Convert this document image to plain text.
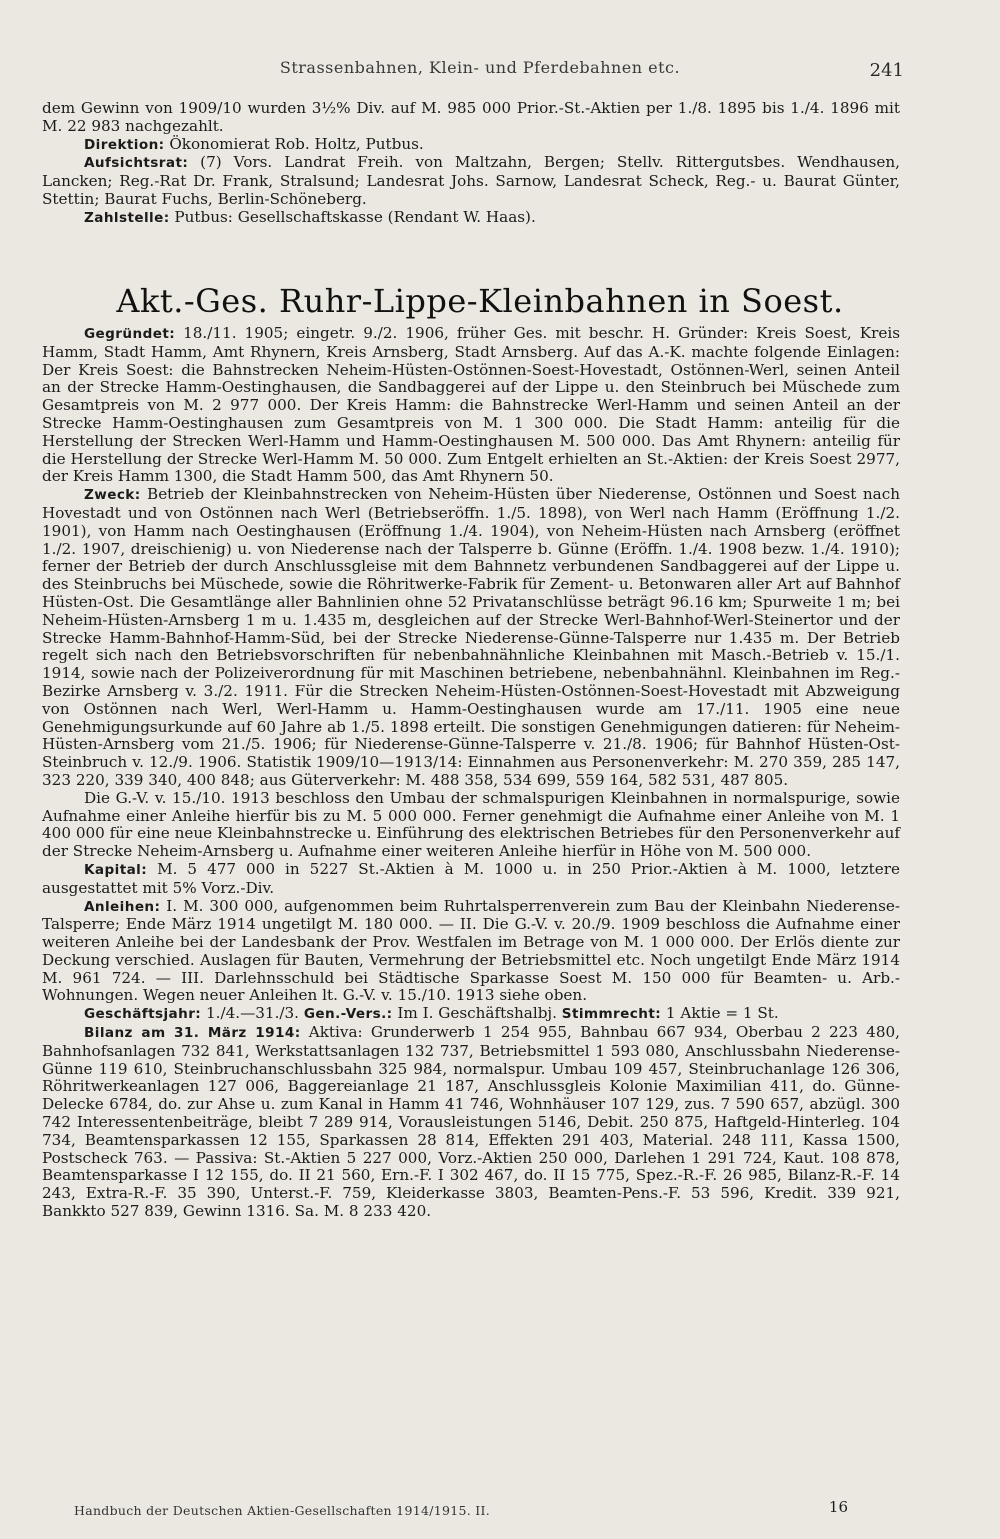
Strassenbahnen, Klein- und Pferdebahnen etc.	241

dem Gewinn von 1909/10 wurden 3½% Div. auf M. 985 000 Prior.-St.-Aktien per 1./8. 1895 bis 1./4. 1896 mit M. 22 983 nachgezahlt.

Direktion: Ökonomierat Rob. Holtz, Putbus.

Aufsichtsrat: (7) Vors. Landrat Freih. von Maltzahn, Bergen; Stellv. Rittergutsbes. Wendhausen, Lancken; Reg.-Rat Dr. Frank, Stralsund; Landesrat Johs. Sarnow, Landesrat Scheck, Reg.- u. Baurat Günter, Stettin; Baurat Fuchs, Berlin-Schöneberg.

Zahlstelle: Putbus: Gesellschaftskasse (Rendant W. Haas).

Akt.-Ges. Ruhr-Lippe-Kleinbahnen in Soest.

Gegründet: 18./11. 1905; eingetr. 9./2. 1906, früher Ges. mit beschr. H. Gründer: Kreis Soest, Kreis Hamm, Stadt Hamm, Amt Rhynern, Kreis Arnsberg, Stadt Arnsberg. Auf das A.-K. machte folgende Einlagen: Der Kreis Soest: die Bahnstrecken Neheim-Hüsten-Ostönnen-Soest-Hovestadt, Ostönnen-Werl, seinen Anteil an der Strecke Hamm-Oestinghausen, die Sandbaggerei auf der Lippe u. den Steinbruch bei Müschede zum Gesamtpreis von M. 2 977 000. Der Kreis Hamm: die Bahnstrecke Werl-Hamm und seinen Anteil an der Strecke Hamm-Oestinghausen zum Gesamtpreis von M. 1 300 000. Die Stadt Hamm: anteilig für die Herstellung der Strecken Werl-Hamm und Hamm-Oestinghausen M. 500 000. Das Amt Rhynern: anteilig für die Herstellung der Strecke Werl-Hamm M. 50 000. Zum Entgelt erhielten an St.-Aktien: der Kreis Soest 2977, der Kreis Hamm 1300, die Stadt Hamm 500, das Amt Rhynern 50.

Zweck: Betrieb der Kleinbahnstrecken von Neheim-Hüsten über Niederense, Ostönnen und Soest nach Hovestadt und von Ostönnen nach Werl (Betriebseröffn. 1./5. 1898), von Werl nach Hamm (Eröffnung 1./2. 1901), von Hamm nach Oestinghausen (Eröffnung 1./4. 1904), von Neheim-Hüsten nach Arnsberg (eröffnet 1./2. 1907, dreischienig) u. von Niederense nach der Talsperre b. Günne (Eröffn. 1./4. 1908 bezw. 1./4. 1910); ferner der Betrieb der durch Anschlussgleise mit dem Bahnnetz verbundenen Sandbaggerei auf der Lippe u. des Steinbruchs bei Müschede, sowie die Röhritwerke-Fabrik für Zement- u. Betonwaren aller Art auf Bahnhof Hüsten-Ost. Die Gesamtlänge aller Bahnlinien ohne 52 Privatanschlüsse beträgt 96.16 km; Spurweite 1 m; bei Neheim-Hüsten-Arnsberg 1 m u. 1.435 m, desgleichen auf der Strecke Werl-Bahnhof-Werl-Steinertor und der Strecke Hamm-Bahnhof-Hamm-Süd, bei der Strecke Niederense-Günne-Talsperre nur 1.435 m. Der Betrieb regelt sich nach den Betriebsvorschriften für nebenbahnähnliche Kleinbahnen mit Masch.-Betrieb v. 15./1. 1914, sowie nach der Polizeiverordnung für mit Maschinen betriebene, nebenbahnähnl. Kleinbahnen im Reg.-Bezirke Arnsberg v. 3./2. 1911. Für die Strecken Neheim-Hüsten-Ostönnen-Soest-Hovestadt mit Abzweigung von Ostönnen nach Werl, Werl-Hamm u. Hamm-Oestinghausen wurde am 17./11. 1905 eine neue Genehmigungsurkunde auf 60 Jahre ab 1./5. 1898 erteilt. Die sonstigen Genehmigungen datieren: für Neheim-Hüsten-Arnsberg vom 21./5. 1906; für Niederense-Günne-Talsperre v. 21./8. 1906; für Bahnhof Hüsten-Ost-Steinbruch v. 12./9. 1906. Statistik 1909/10—1913/14: Einnahmen aus Personenverkehr: M. 270 359, 285 147, 323 220, 339 340, 400 848; aus Güterverkehr: M. 488 358, 534 699, 559 164, 582 531, 487 805.

Die G.-V. v. 15./10. 1913 beschloss den Umbau der schmalspurigen Kleinbahnen in normalspurige, sowie Aufnahme einer Anleihe hierfür bis zu M. 5 000 000. Ferner genehmigt die Aufnahme einer Anleihe von M. 1 400 000 für eine neue Kleinbahnstrecke u. Einführung des elektrischen Betriebes für den Personenverkehr auf der Strecke Neheim-Arnsberg u. Aufnahme einer weiteren Anleihe hierfür in Höhe von M. 500 000.

Kapital: M. 5 477 000 in 5227 St.-Aktien à M. 1000 u. in 250 Prior.-Aktien à M. 1000, letztere ausgestattet mit 5% Vorz.-Div.

Anleihen: I. M. 300 000, aufgenommen beim Ruhrtalsperrenverein zum Bau der Kleinbahn Niederense-Talsperre; Ende März 1914 ungetilgt M. 180 000. — II. Die G.-V. v. 20./9. 1909 beschloss die Aufnahme einer weiteren Anleihe bei der Landesbank der Prov. Westfalen im Betrage von M. 1 000 000. Der Erlös diente zur Deckung verschied. Auslagen für Bauten, Vermehrung der Betriebsmittel etc. Noch ungetilgt Ende März 1914 M. 961 724. — III. Darlehnsschuld bei Städtische Sparkasse Soest M. 150 000 für Beamten- u. Arb.-Wohnungen. Wegen neuer Anleihen lt. G.-V. v. 15./10. 1913 siehe oben.

Geschäftsjahr: 1./4.—31./3. Gen.-Vers.: Im I. Geschäftshalbj. Stimmrecht: 1 Aktie = 1 St.

Bilanz am 31. März 1914: Aktiva: Grunderwerb 1 254 955, Bahnbau 667 934, Oberbau 2 223 480, Bahnhofsanlagen 732 841, Werkstattsanlagen 132 737, Betriebsmittel 1 593 080, Anschlussbahn Niederense-Günne 119 610, Steinbruchanschlussbahn 325 984, normalspur. Umbau 109 457, Steinbruchanlage 126 306, Röhritwerkeanlagen 127 006, Baggereianlage 21 187, Anschlussgleis Kolonie Maximilian 411, do. Günne-Delecke 6784, do. zur Ahse u. zum Kanal in Hamm 41 746, Wohnhäuser 107 129, zus. 7 590 657, abzügl. 300 742 Interessentenbeiträge, bleibt 7 289 914, Vorausleistungen 5146, Debit. 250 875, Haftgeld-Hinterleg. 104 734, Beamtensparkassen 12 155, Sparkassen 28 814, Effekten 291 403, Material. 248 111, Kassa 1500, Postscheck 763. — Passiva: St.-Aktien 5 227 000, Vorz.-Aktien 250 000, Darlehen 1 291 724, Kaut. 108 878, Beamtensparkasse I 12 155, do. II 21 560, Ern.-F. I 302 467, do. II 15 775, Spez.-R.-F. 26 985, Bilanz-R.-F. 14 243, Extra-R.-F. 35 390, Unterst.-F. 759, Kleiderkasse 3803, Beamten-Pens.-F. 53 596, Kredit. 339 921, Bankkto 527 839, Gewinn 1316. Sa. M. 8 233 420.

Handbuch der Deutschen Aktien-Gesellschaften 1914/1915. II.	16
